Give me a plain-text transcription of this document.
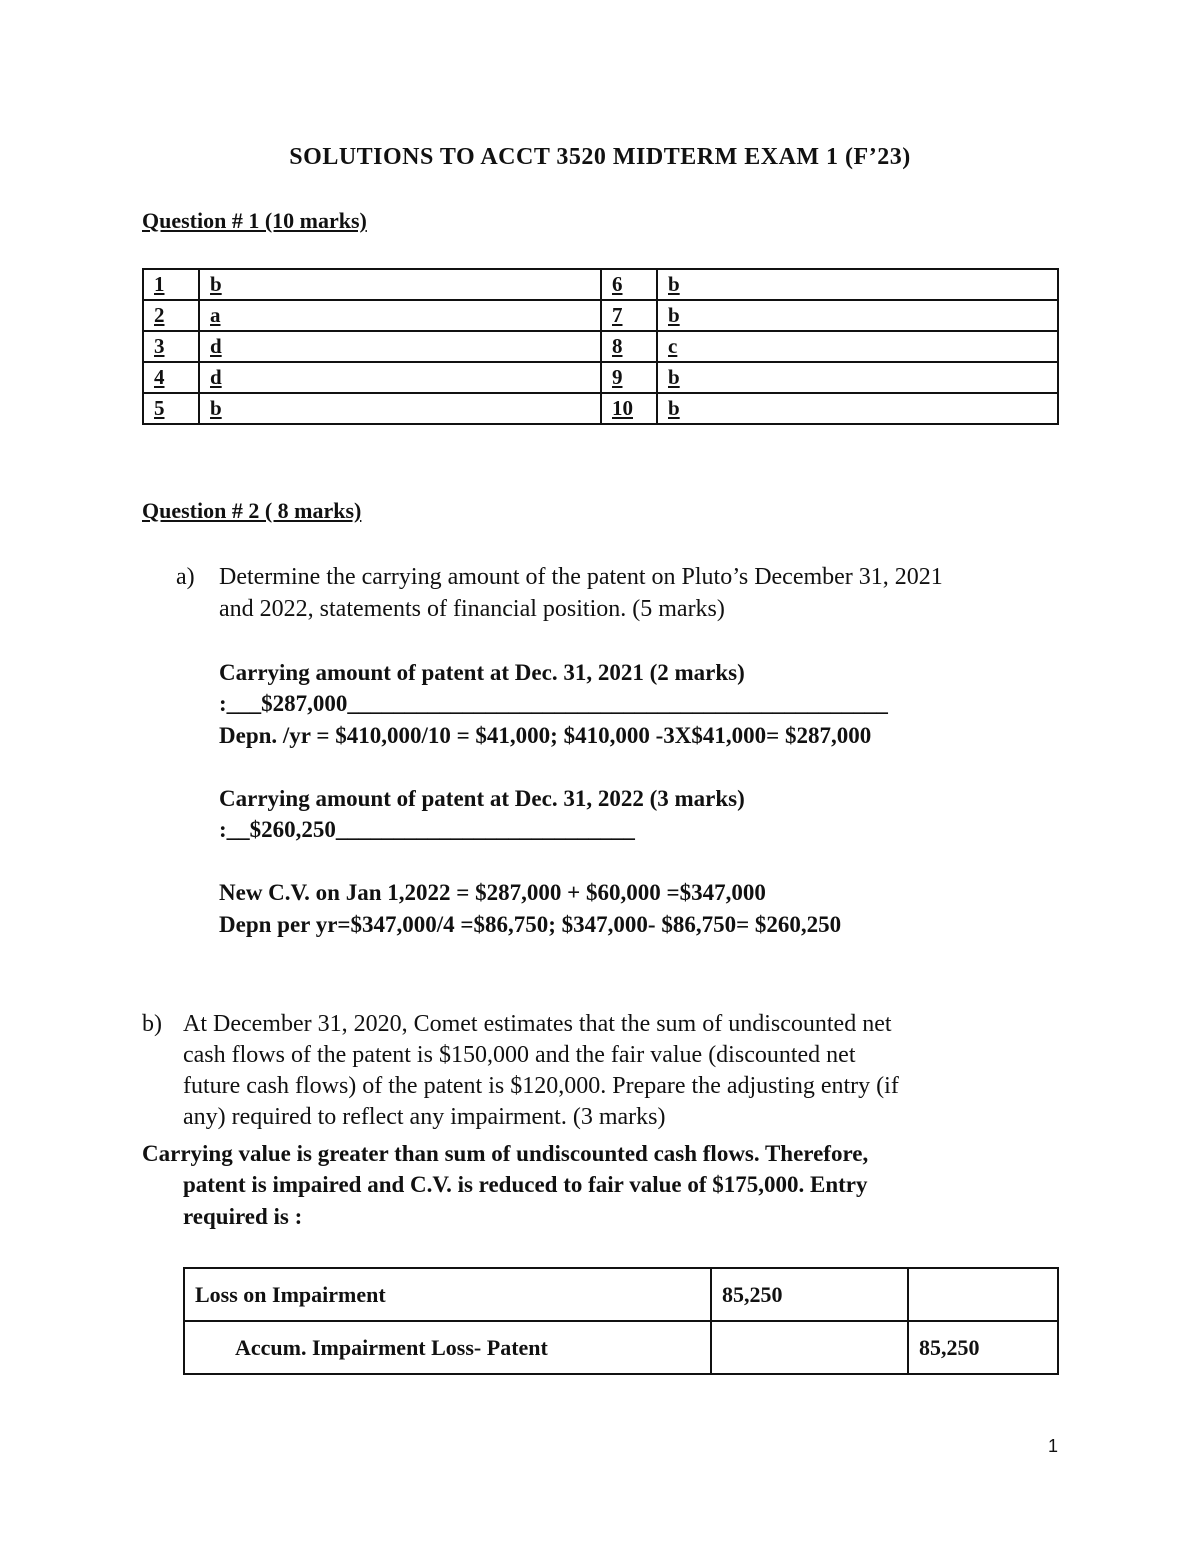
SOLUTIONS TO ACCT 3520 MIDTERM EXAM 1 (F’23)
Question # 1 (10 marks)
1	b	6	b
2	a	7	b
3	d	8	c
4	d	9	b
5	b	10	b
Question # 2 ( 8 marks)
a) Determine the carrying amount of the patent on Pluto’s December 31, 2021
and 2022, statements of financial position. (5 marks)
Carrying amount of patent at Dec. 31, 2021 (2 marks)
:___$287,000_______________________________________________
Depn. /yr = $410,000/10 = $41,000; $410,000 -3X$41,000= $287,000
Carrying amount of patent at Dec. 31, 2022 (3 marks)
:__$260,250__________________________
New C.V. on Jan 1,2022 = $287,000 + $60,000 =$347,000
Depn per yr=$347,000/4 =$86,750; $347,000- $86,750= $260,250
b) At December 31, 2020, Comet estimates that the sum of undiscounted net
cash flows of the patent is $150,000 and the fair value (discounted net
future cash flows) of the patent is $120,000. Prepare the adjusting entry (if
any) required to reflect any impairment. (3 marks)
Carrying value is greater than sum of undiscounted cash flows. Therefore,
patent is impaired and C.V. is reduced to fair value of $175,000. Entry
required is :
Loss on Impairment	85,250	
Accum. Impairment Loss- Patent		85,250
1
